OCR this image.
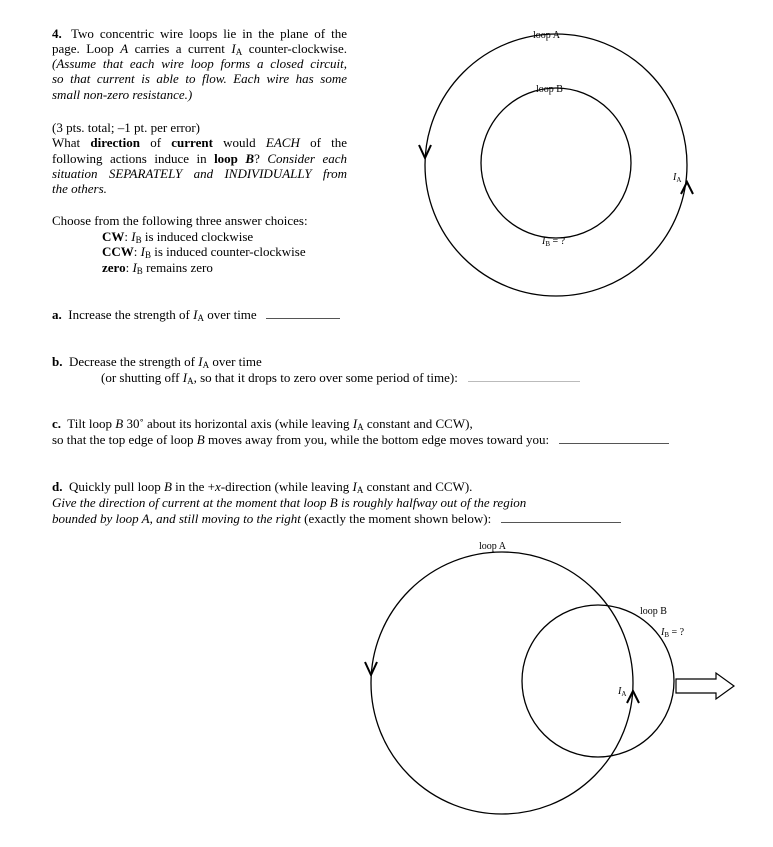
4. Two concentric wire loops lie in the plane of the
page. Loop A carries a current $I_A$ counter-clockwise.
(Assume that each wire loop forms a closed circuit,
so that current is able to flow. Each wire has some
small non-zero resistance.)
(3 pts. total; –1 pt. per error)
What direction of current would EACH of the
following actions induce in loop B? Consider each
situation SEPARATELY and INDIVIDUALLY from
the others.
Choose from the following three answer choices:
CW: $I_B$ is induced clockwise
CCW: $I_B$ is induced counter-clockwise
zero: $I_B$ remains zero
a.  Increase the strength of $I_A$ over time
b.  Decrease the strength of $I_A$ over time
(or shutting off $I_A$, so that it drops to zero over some period of time):
c.  Tilt loop B 30˚ about its horizontal axis (while leaving $I_A$ constant and CCW),
so that the top edge of loop B moves away from you, while the bottom edge moves toward you:
d.  Quickly pull loop B in the +x-direction (while leaving $I_A$ constant and CCW).
Give the direction of current at the moment that loop B is roughly halfway out of the region
bounded by loop A, and still moving to the right (exactly the moment shown below):
loop A
loop B
$I_A$
$I_B$ = ?
loop A
loop B
$I_B$ = ?
$I_A$
